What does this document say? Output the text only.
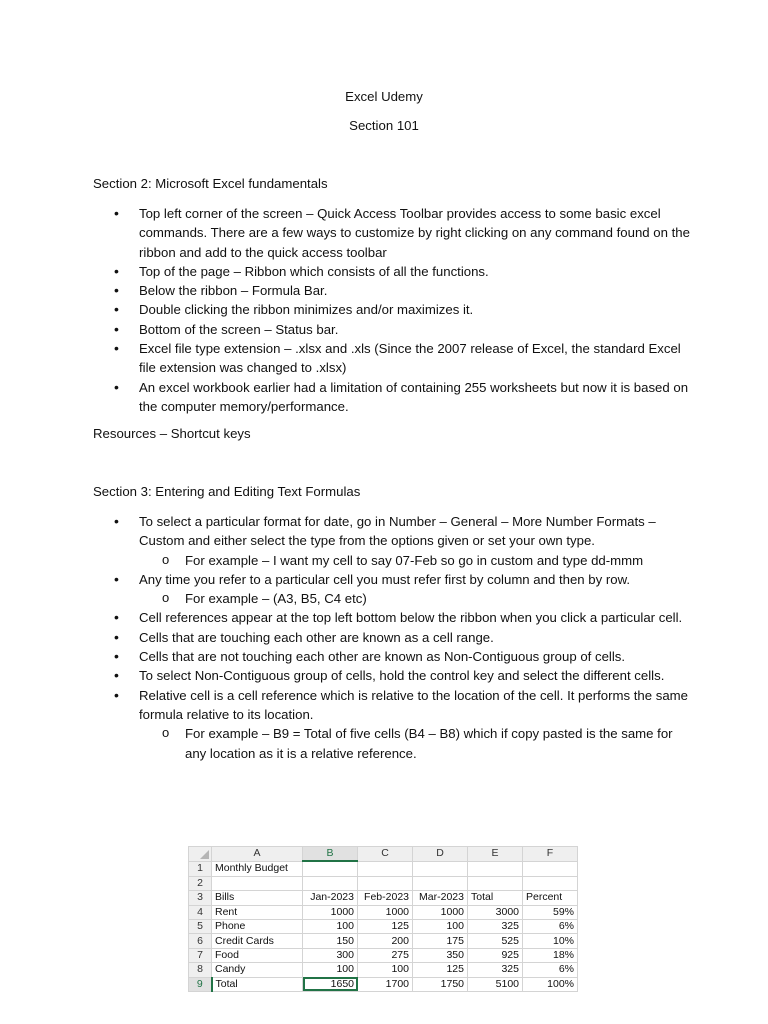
Excel Udemy
Section 101
Section 2: Microsoft Excel fundamentals
• Top left corner of the screen – Quick Access Toolbar provides access to some basic excel commands. There are a few ways to customize by right clicking on any command found on the ribbon and add to the quick access toolbar
• Top of the page – Ribbon which consists of all the functions.
• Below the ribbon – Formula Bar.
• Double clicking the ribbon minimizes and/or maximizes it.
• Bottom of the screen – Status bar.
• Excel file type extension – .xlsx and .xls (Since the 2007 release of Excel, the standard Excel file extension was changed to .xlsx)
• An excel workbook earlier had a limitation of containing 255 worksheets but now it is based on the computer memory/performance.
Resources – Shortcut keys
Section 3: Entering and Editing Text Formulas
• To select a particular format for date, go in Number – General – More Number Formats – Custom and either select the type from the options given or set your own type.
o For example – I want my cell to say 07-Feb so go in custom and type dd-mmm
• Any time you refer to a particular cell you must refer first by column and then by row.
o For example – (A3, B5, C4 etc)
• Cell references appear at the top left bottom below the ribbon when you click a particular cell.
• Cells that are touching each other are known as a cell range.
• Cells that are not touching each other are known as Non-Contiguous group of cells.
• To select Non-Contiguous group of cells, hold the control key and select the different cells.
• Relative cell is a cell reference which is relative to the location of the cell. It performs the same formula relative to its location.
o For example – B9 = Total of five cells (B4 – B8) which if copy pasted is the same for any location as it is a relative reference.
	A	B	C	D	E	F
1	Monthly Budget					
2						
3	Bills	Jan-2023	Feb-2023	Mar-2023	Total	Percent
4	Rent	1000	1000	1000	3000	59%
5	Phone	100	125	100	325	6%
6	Credit Cards	150	200	175	525	10%
7	Food	300	275	350	925	18%
8	Candy	100	100	125	325	6%
9	Total	1650	1700	1750	5100	100%
